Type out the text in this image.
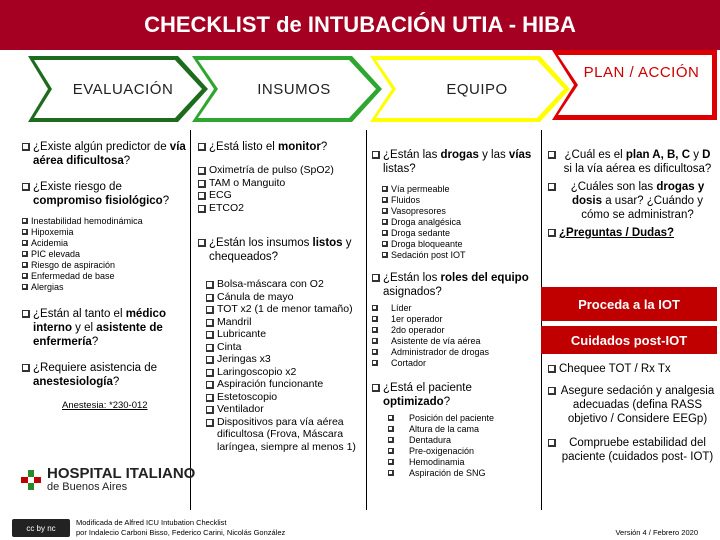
CHECKLIST de INTUBACIÓN UTIA - HIBA
EVALUACIÓN	INSUMOS	EQUIPO
PLAN / ACCIÓN
¿Existe algún predictor de vía aérea dificultosa?
¿Existe riesgo de compromiso fisiológico?
Inestabilidad hemodinámica
Hipoxemia
Acidemia
PIC elevada
Riesgo de aspiración
Enfermedad de base
Alergias
¿Están al tanto el médico interno y el asistente de enfermería?
¿Requiere asistencia de anestesiología?
Anestesia: *230-012
HOSPITAL ITALIANO
de Buenos Aires
¿Está listo el monitor?
Oximetría de pulso (SpO2)
TAM o Manguito
ECG
ETCO2
¿Están los insumos listos y chequeados?
Bolsa-máscara con O2
Cánula de mayo
TOT x2 (1 de menor tamaño)
Mandril
Lubricante
Cinta
Jeringas x3
Laringoscopio x2
Aspiración funcionante
Estetoscopio
Ventilador
Dispositivos para vía aérea dificultosa (Frova, Máscara laríngea, siempre al menos 1)
¿Están las drogas y las vías listas?
Vía permeable
Fluidos
Vasopresores
Droga analgésica
Droga sedante
Droga bloqueante
Sedación post IOT
¿Están los roles del equipo asignados?
Líder
1er operador
2do operador
Asistente de vía aérea
Administrador de drogas
Cortador
¿Está el paciente optimizado?
Posición del paciente
Altura de la cama
Dentadura
Pre-oxigenación
Hemodinamia
Aspiración de SNG
¿Cuál es el plan A, B, C y D si la vía aérea es dificultosa?
¿Cuáles son las drogas y dosis a usar? ¿Cuándo y cómo se administran?
¿Preguntas / Dudas?
Proceda a la IOT
Cuidados post-IOT
Chequee TOT / Rx Tx
Asegure sedación y analgesia adecuadas (defina RASS objetivo / Considere EEGp)
Compruebe estabilidad del paciente (cuidados post- IOT)
cc by nc
Modificada de Alfred ICU Intubation Checklist
por Indalecio Carboni Bisso, Federico Carini, Nicolás González	Versión 4 / Febrero 2020
